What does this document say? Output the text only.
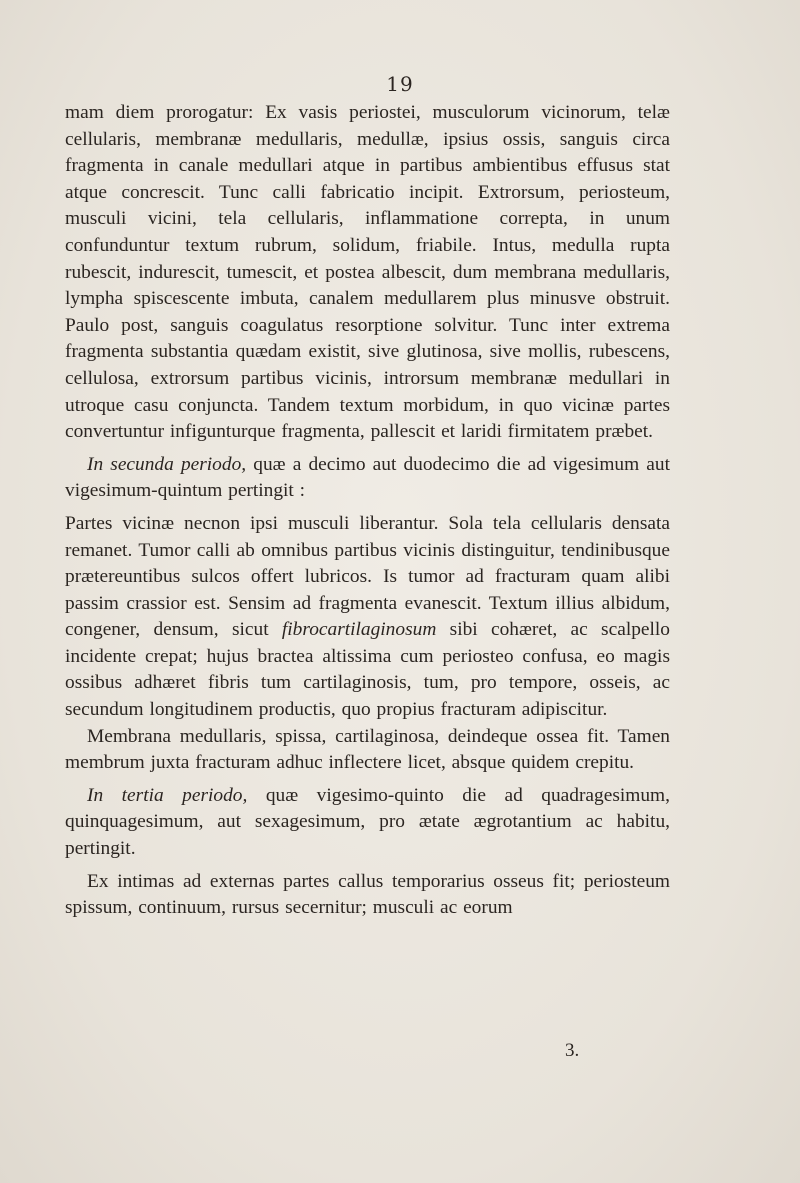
19

mam diem prorogatur: Ex vasis periostei, musculorum vicinorum, telæ cellularis, membranæ medullaris, medullæ, ipsius ossis, sanguis circa fragmenta in canale medullari atque in partibus ambientibus effusus stat atque concrescit. Tunc calli fabricatio incipit. Extrorsum, periosteum, musculi vicini, tela cellularis, inflammatione correpta, in unum confunduntur textum rubrum, solidum, friabile. Intus, medulla rupta rubescit, indurescit, tumescit, et postea albescit, dum membrana medullaris, lympha spiscescente imbuta, canalem medullarem plus minusve obstruit. Paulo post, sanguis coagulatus resorptione solvitur. Tunc inter extrema fragmenta substantia quædam existit, sive glutinosa, sive mollis, rubescens, cellulosa, extrorsum partibus vicinis, introrsum membranæ medullari in utroque casu conjuncta. Tandem textum morbidum, in quo vicinæ partes convertuntur infigunturque fragmenta, pallescit et laridi firmitatem præbet.

In secunda periodo, quæ a decimo aut duodecimo die ad vigesimum aut vigesimum-quintum pertingit :

Partes vicinæ necnon ipsi musculi liberantur. Sola tela cellularis densata remanet. Tumor calli ab omnibus partibus vicinis distinguitur, tendinibusque prætereuntibus sulcos offert lubricos. Is tumor ad fracturam quam alibi passim crassior est. Sensim ad fragmenta evanescit. Textum illius albidum, congener, densum, sicut fibrocartilaginosum sibi cohæret, ac scalpello incidente crepat; hujus bractea altissima cum periosteo confusa, eo magis ossibus adhæret fibris tum cartilaginosis, tum, pro tempore, osseis, ac secundum longitudinem productis, quo propius fracturam adipiscitur.

Membrana medullaris, spissa, cartilaginosa, deindeque ossea fit. Tamen membrum juxta fracturam adhuc inflectere licet, absque quidem crepitu.

In tertia periodo, quæ vigesimo-quinto die ad quadragesimum, quinquagesimum, aut sexagesimum, pro ætate ægrotantium ac habitu, pertingit.

Ex intimas ad externas partes callus temporarius osseus fit; periosteum spissum, continuum, rursus secernitur; musculi ac eorum

3.
